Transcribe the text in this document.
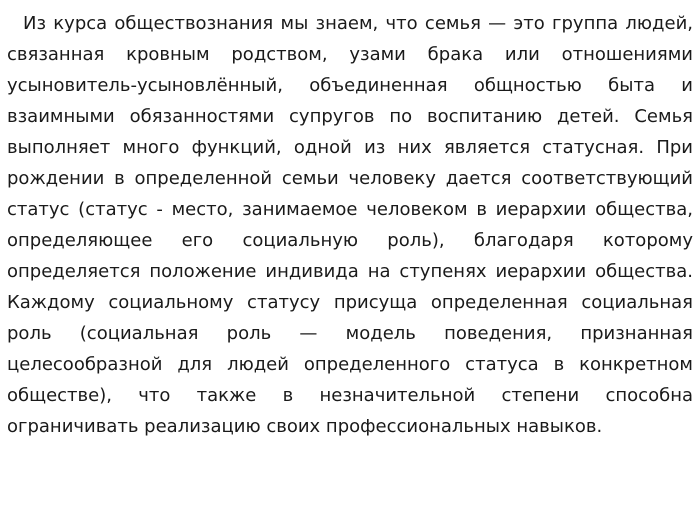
Из курса обществознания мы знаем, что семья — это группа людей, связанная кровным родством, узами брака или отношениями усыновитель-усыновлённый, объединенная общностью быта и взаимными обязанностями супругов по воспитанию детей. Семья выполняет много функций, одной из них является статусная. При рождении в определенной семьи человеку дается соответствующий статус (статус - место, занимаемое человеком в иерархии общества, определяющее его социальную роль), благодаря которому определяется положение индивида на ступенях иерархии общества. Каждому социальному статусу присуща определенная социальная роль (социальная роль — модель поведения, признанная целесообразной для людей определенного статуса в конкретном обществе), что также в незначительной степени способна ограничивать реализацию своих профессиональных навыков.
